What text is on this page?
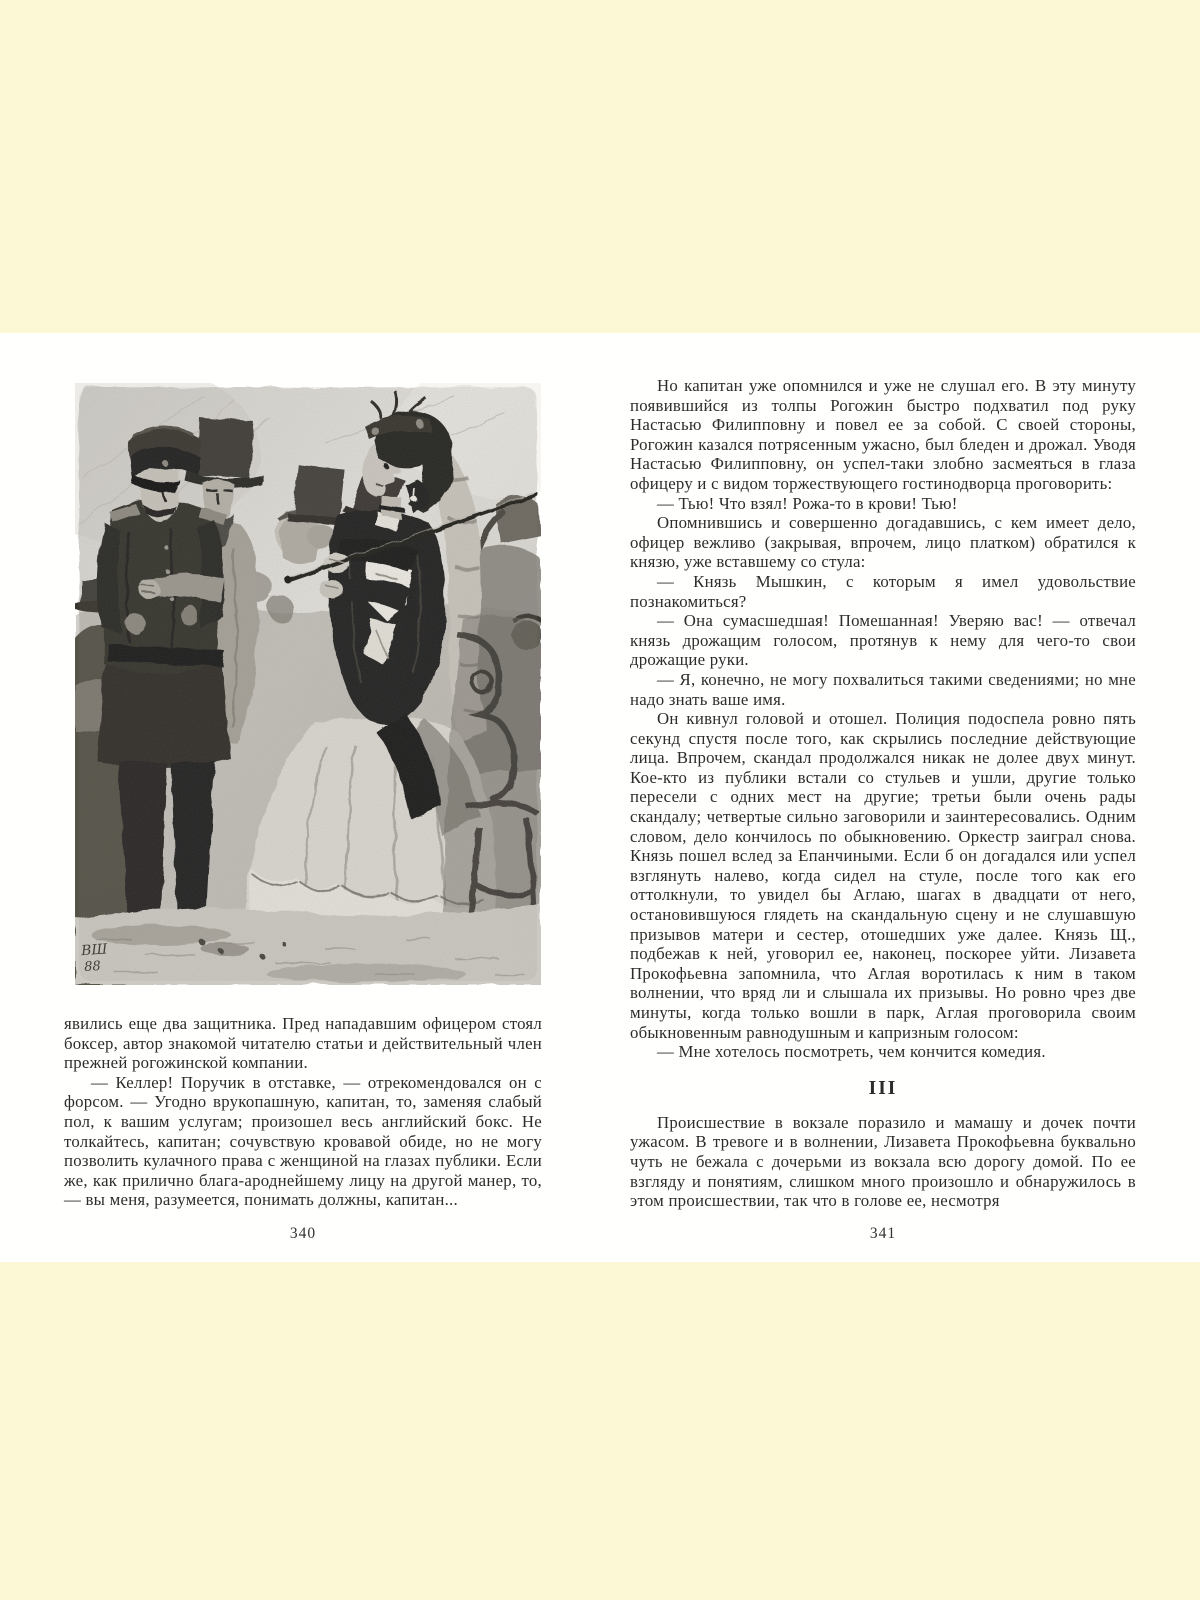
явились еще два защитника. Пред нападавшим офицером стоял боксер, автор знакомой читателю статьи и действительный член прежней рогожинской компании.

— Келлер! Поручик в отставке, — отрекомендовался он с форсом. — Угодно врукопашную, капитан, то, заменяя слабый пол, к вашим услугам; произошел весь английский бокс. Не толкайтесь, капитан; сочувствую кровавой обиде, но не могу позволить кулачного права с женщиной на глазах публики. Если же, как прилично блага-ароднейшему лицу на другой манер, то, — вы меня, разумеется, понимать должны, капитан...

Но капитан уже опомнился и уже не слушал его. В эту минуту появившийся из толпы Рогожин быстро подхватил под руку Настасью Филипповну и повел ее за собой. С своей стороны, Рогожин казался потрясенным ужасно, был бледен и дрожал. Уводя Настасью Филипповну, он успел-таки злобно засмеяться в глаза офицеру и с видом торжествующего гостинодворца проговорить:

— Тью! Что взял! Рожа-то в крови! Тью!

Опомнившись и совершенно догадавшись, с кем имеет дело, офицер вежливо (закрывая, впрочем, лицо платком) обратился к князю, уже вставшему со стула:

— Князь Мышкин, с которым я имел удовольствие познакомиться?

— Она сумасшедшая! Помешанная! Уверяю вас! — отвечал князь дрожащим голосом, протянув к нему для чего-то свои дрожащие руки.

— Я, конечно, не могу похвалиться такими сведениями; но мне надо знать ваше имя.

Он кивнул головой и отошел. Полиция подоспела ровно пять секунд спустя после того, как скрылись последние действующие лица. Впрочем, скандал продолжался никак не долее двух минут. Кое-кто из публики встали со стульев и ушли, другие только пересели с одних мест на другие; третьи были очень рады скандалу; четвертые сильно заговорили и заинтересовались. Одним словом, дело кончилось по обыкновению. Оркестр заиграл снова. Князь пошел вслед за Епанчиными. Если б он догадался или успел взглянуть налево, когда сидел на стуле, после того как его оттолкнули, то увидел бы Аглаю, шагах в двадцати от него, остановившуюся глядеть на скандальную сцену и не слушавшую призывов матери и сестер, отошедших уже далее. Князь Щ., подбежав к ней, уговорил ее, наконец, поскорее уйти. Лизавета Прокофьевна запомнила, что Аглая воротилась к ним в таком волнении, что вряд ли и слышала их призывы. Но ровно чрез две минуты, когда только вошли в парк, Аглая проговорила своим обыкновенным равнодушным и капризным голосом:

— Мне хотелось посмотреть, чем кончится комедия.

III

Происшествие в вокзале поразило и мамашу и дочек почти ужасом. В тревоге и в волнении, Лизавета Прокофьевна буквально чуть не бежала с дочерьми из вокзала всю дорогу домой. По ее взгляду и понятиям, слишком много произошло и обнаружилось в этом происшествии, так что в голове ее, несмотря

340	341
